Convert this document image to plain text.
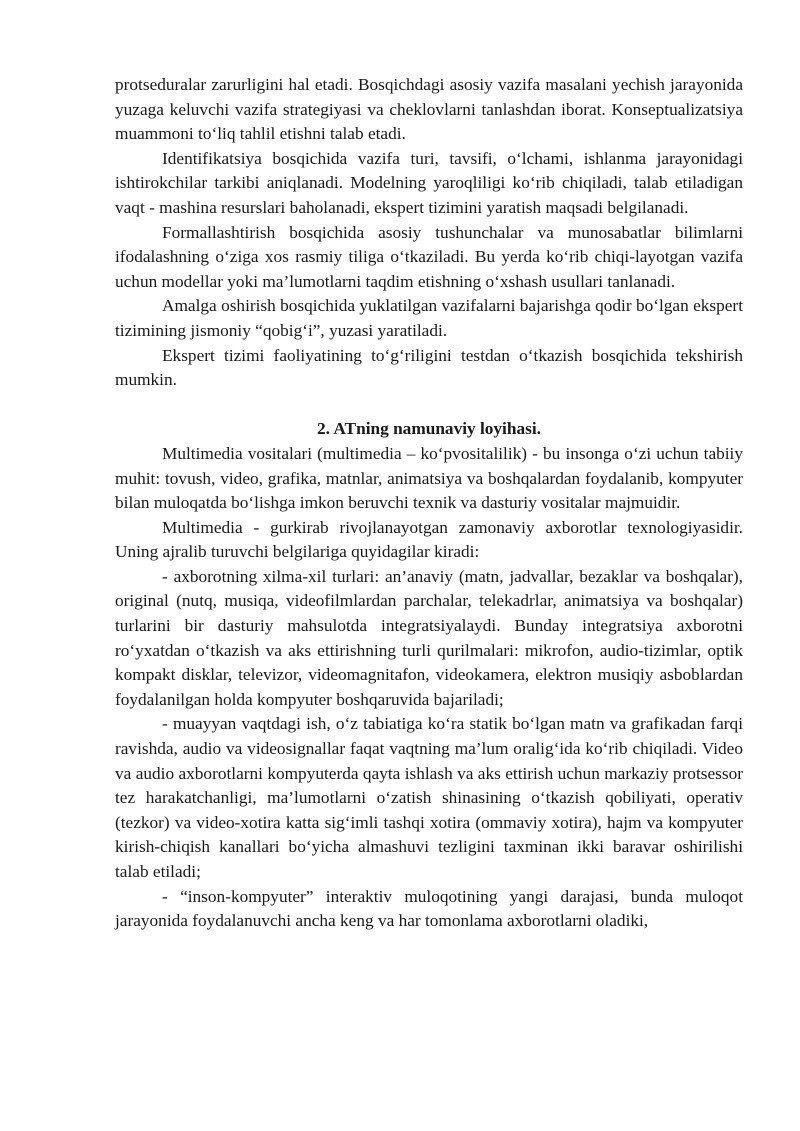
protseduralar zarurligini hal etadi. Bosqichdagi asosiy vazifa masalani yechish jarayonida yuzaga keluvchi vazifa strategiyasi va cheklovlarni tanlashdan iborat. Konseptualizatsiya muammoni to‘liq tahlil etishni talab etadi.

Identifikatsiya bosqichida vazifa turi, tavsifi, o‘lchami, ishlanma jarayonidagi ishtirokchilar tarkibi aniqlanadi. Modelning yaroqliligi ko‘rib chiqiladi, talab etiladigan vaqt - mashina resurslari baholanadi, ekspert tizimini yaratish maqsadi belgilanadi.

Formallashtirish bosqichida asosiy tushunchalar va munosabatlar bilimlarni ifodalashning o‘ziga xos rasmiy tiliga o‘tkaziladi. Bu yerda ko‘rib chiqi-layotgan vazifa uchun modellar yoki ma’lumotlarni taqdim etishning o‘xshash usullari tanlanadi.

Amalga oshirish bosqichida yuklatilgan vazifalarni bajarishga qodir bo‘lgan ekspert tizimining jismoniy “qobig‘i”, yuzasi yaratiladi.

Ekspert tizimi faoliyatining to‘g‘riligini testdan o‘tkazish bosqichida tekshirish mumkin.

2. ATning namunaviy loyihasi.

Multimedia vositalari (multimedia – ko‘pvositalilik) - bu insonga o‘zi uchun tabiiy muhit: tovush, video, grafika, matnlar, animatsiya va boshqalardan foydalanib, kompyuter bilan muloqatda bo‘lishga imkon beruvchi texnik va dasturiy vositalar majmuidir.

Multimedia - gurkirab rivojlanayotgan zamonaviy axborotlar texnologiyasidir. Uning ajralib turuvchi belgilariga quyidagilar kiradi:

- axborotning xilma-xil turlari: an’anaviy (matn, jadvallar, bezaklar va boshqalar), original (nutq, musiqa, videofilmlardan parchalar, telekadrlar, animatsiya va boshqalar) turlarini bir dasturiy mahsulotda integratsiyalaydi. Bunday integratsiya axborotni ro‘yxatdan o‘tkazish va aks ettirishning turli qurilmalari: mikrofon, audio-tizimlar, optik kompakt disklar, televizor, videomagnitafon, videokamera, elektron musiqiy asboblardan foydalanilgan holda kompyuter boshqaruvida bajariladi;

- muayyan vaqtdagi ish, o‘z tabiatiga ko‘ra statik bo‘lgan matn va grafikadan farqi ravishda, audio va videosignallar faqat vaqtning ma’lum oralig‘ida ko‘rib chiqiladi. Video va audio axborotlarni kompyuterda qayta ishlash va aks ettirish uchun markaziy protsessor tez harakatchanligi, ma’lumotlarni o‘zatish shinasining o‘tkazish qobiliyati, operativ (tezkor) va video-xotira katta sig‘imli tashqi xotira (ommaviy xotira), hajm va kompyuter kirish-chiqish kanallari bo‘yicha almashuvi tezligini taxminan ikki baravar oshirilishi talab etiladi;

- “inson-kompyuter” interaktiv muloqotining yangi darajasi, bunda muloqot jarayonida foydalanuvchi ancha keng va har tomonlama axborotlarni oladiki,
